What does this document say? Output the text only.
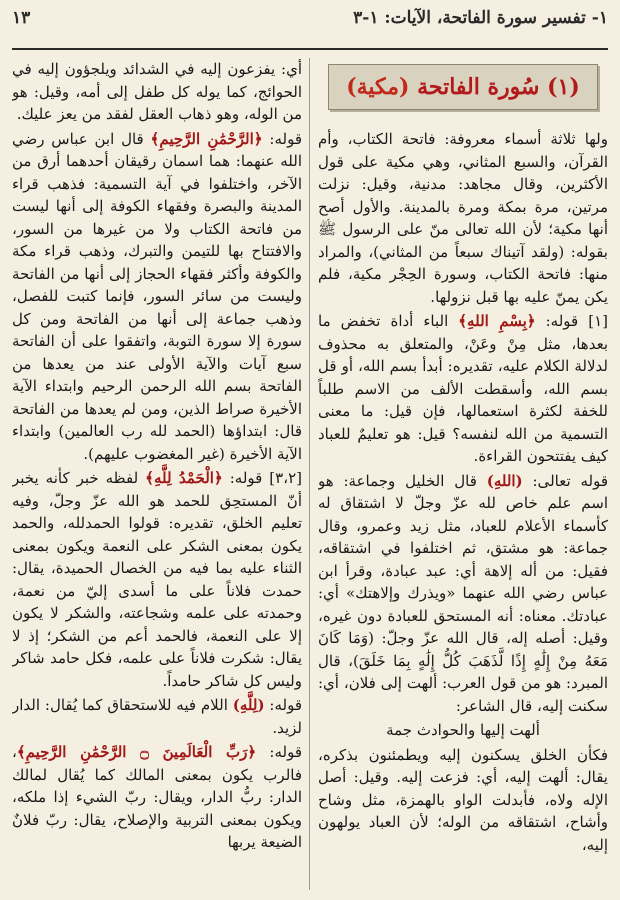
١- تفسير سورة الفاتحة، الآيات: ١-٣
١٣
(١) سُورة الفاتحة (مكية)

ولها ثلاثة أسماء معروفة: فاتحة الكتاب، وأم القرآن، والسبع المثاني، وهي مكية على قول الأكثرين، وقال مجاهد: مدنية، وقيل: نزلت مرتين، مرة بمكة ومرة بالمدينة. والأول أصح أنها مكية؛ لأن الله تعالى منّ على الرسول ﷺ بقوله: (ولقد آتيناك سبعاً من المثاني)، والمراد منها: فاتحة الكتاب، وسورة الحِجْر مكية، فلم يكن يمنّ عليه بها قبل نزولها.

[١] قوله: ﴿بِسْمِ اللهِ﴾ الباء أداة تخفض ما بعدها، مثل مِنْ وعَنْ، والمتعلق به محذوف لدلالة الكلام عليه، تقديره: أبدأ بسم الله، أو قل بسم الله، وأسقطت الألف من الاسم طلباً للخفة لكثرة استعمالها، فإن قيل: ما معنى التسمية من الله لنفسه؟ قيل: هو تعليمٌ للعباد كيف يفتتحون القراءة.

قوله تعالى: (اللهِ) قال الخليل وجماعة: هو اسم علم خاص لله عزّ وجلّ لا اشتقاق له كأسماء الأعلام للعباد، مثل زيد وعمرو، وقال جماعة: هو مشتق، ثم اختلفوا في اشتقاقه، فقيل: من أله إلاهة أي: عبد عبادة، وقرأ ابن عباس رضي الله عنهما «ويذرك وإلاهتك» أي: عبادتك. معناه: أنه المستحق للعبادة دون غيره، وقيل: أصله إله، قال الله عزّ وجلّ: (وَمَا كَانَ مَعَهُ مِنْ إِلَٰهٍ إِذًا لَّذَهَبَ كُلُّ إِلَٰهٍ بِمَا خَلَقَ)، قال المبرد: هو من قول العرب: ألهت إلى فلان، أي: سكنت إليه، قال الشاعر:

ألهت إليها والحوادث جمة

فكأن الخلق يسكنون إليه ويطمئنون بذكره، يقال: ألهت إليه، أي: فزعت إليه. وقيل: أصل الإله ولاه، فأبدلت الواو بالهمزة، مثل وشاح وأشاح، اشتقاقه من الوله؛ لأن العباد يولهون إليه،

أي: يفزعون إليه في الشدائد ويلجؤون إليه في الحوائج، كما يوله كل طفل إلى أمه، وقيل: هو من الوله، وهو ذهاب العقل لفقد من يعز عليك.

قوله: ﴿الرَّحْمَٰنِ الرَّحِيمِ﴾ قال ابن عباس رضي الله عنهما: هما اسمان رقيقان أحدهما أرق من الآخر، واختلفوا في آية التسمية: فذهب قراء المدينة والبصرة وفقهاء الكوفة إلى أنها ليست من فاتحة الكتاب ولا من غيرها من السور، والافتتاح بها للتيمن والتبرك، وذهب قراء مكة والكوفة وأكثر فقهاء الحجاز إلى أنها من الفاتحة وليست من سائر السور، فإنما كتبت للفصل، وذهب جماعة إلى أنها من الفاتحة ومن كل سورة إلا سورة التوبة، واتفقوا على أن الفاتحة سبع آيات والآية الأولى عند من يعدها من الفاتحة بسم الله الرحمن الرحيم وابتداء الآية الأخيرة صراط الذين، ومن لم يعدها من الفاتحة قال: ابتداؤها (الحمد لله رب العالمين) وابتداء الآية الأخيرة (غير المغضوب عليهم).

[٣،٢] قوله: ﴿الْحَمْدُ لِلَّهِ﴾ لفظه خبر كأنه يخبر أنّ المستحِق للحمد هو الله عزّ وجلّ، وفيه تعليم الخلق، تقديره: قولوا الحمدلله، والحمد يكون بمعنى الشكر على النعمة ويكون بمعنى الثناء عليه بما فيه من الخصال الحميدة، يقال: حمدت فلاناً على ما أسدى إليّ من نعمة، وحمدته على علمه وشجاعته، والشكر لا يكون إلا على النعمة، فالحمد أعم من الشكر؛ إذ لا يقال: شكرت فلاناً على علمه، فكل حامد شاكر وليس كل شاكر حامداً.

قوله: (لِلَّهِ) اللام فيه للاستحقاق كما يُقال: الدار لزيد.

قوله: ﴿رَبِّ الْعَالَمِينَ ۝ الرَّحْمَٰنِ الرَّحِيمِ﴾، فالرب يكون بمعنى المالك كما يُقال لمالك الدار: ربُّ الدار، ويقال: ربّ الشيء إذا ملكه، ويكون بمعنى التربية والإصلاح، يقال: ربّ فلانٌ الضيعة يربها
